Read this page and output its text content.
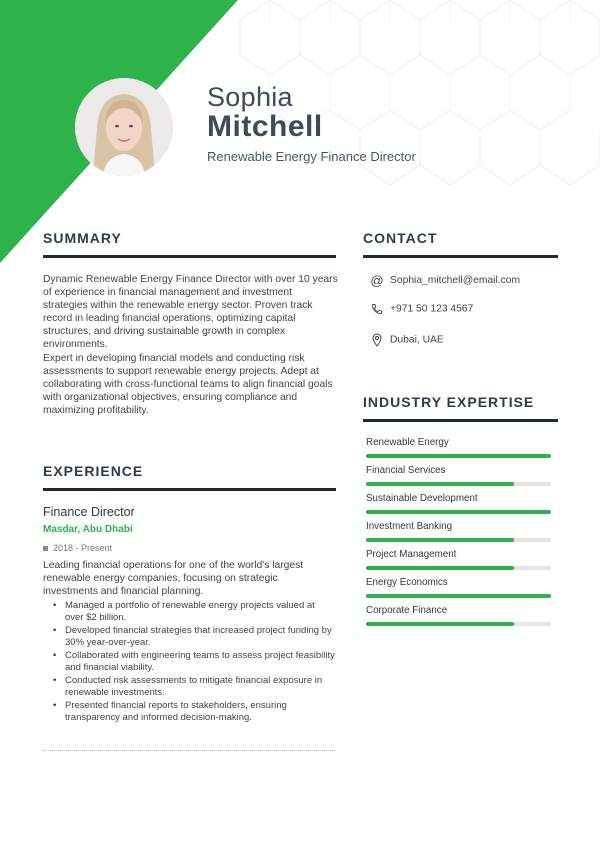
Sophia
Mitchell
Renewable Energy Finance Director
SUMMARY
Dynamic Renewable Energy Finance Director with over 10 years of experience in financial management and investment strategies within the renewable energy sector. Proven track record in leading financial operations, optimizing capital structures, and driving sustainable growth in complex environments.
Expert in developing financial models and conducting risk assessments to support renewable energy projects. Adept at collaborating with cross-functional teams to align financial goals with organizational objectives, ensuring compliance and maximizing profitability.
EXPERIENCE
Finance Director
Masdar, Abu Dhabi
2018 - Present
Leading financial operations for one of the world's largest renewable energy companies, focusing on strategic investments and financial planning.
• Managed a portfolio of renewable energy projects valued at over $2 billion.
• Developed financial strategies that increased project funding by 30% year-over-year.
• Collaborated with engineering teams to assess project feasibility and financial viability.
• Conducted risk assessments to mitigate financial exposure in renewable investments.
• Presented financial reports to stakeholders, ensuring transparency and informed decision-making.
CONTACT
@ Sophia_mitchell@email.com
+971 50 123 4567
Dubai, UAE
INDUSTRY EXPERTISE
Renewable Energy
Financial Services
Sustainable Development
Investment Banking
Project Management
Energy Economics
Corporate Finance
